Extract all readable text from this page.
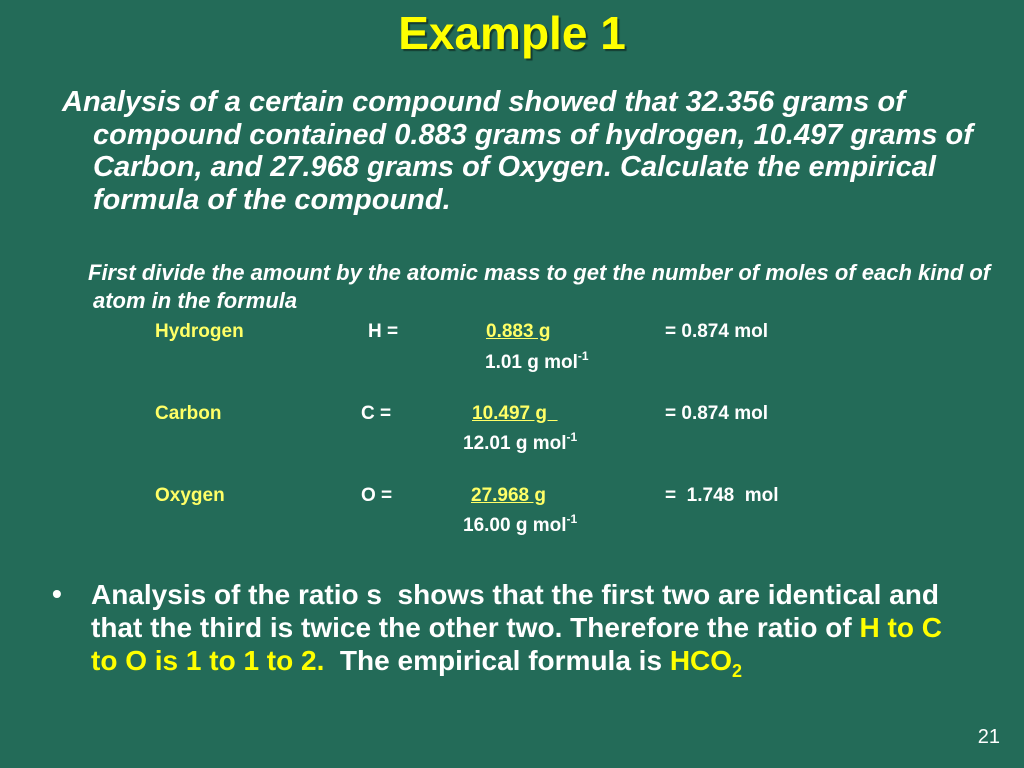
Example 1
Analysis of a certain compound showed that 32.356 grams of compound contained 0.883 grams of hydrogen, 10.497 grams of Carbon, and 27.968 grams of Oxygen. Calculate the empirical formula of the compound.
First divide the amount by the atomic mass to get the number of moles of each kind of atom in the formula
Hydrogen	H =	0.883 g	= 0.874 mol
1.01 g mol$^{-1}$
Carbon	C =	10.497 g	= 0.874 mol
12.01 g mol$^{-1}$
Oxygen	O =	27.968 g	=  1.748  mol
16.00 g mol$^{-1}$
• Analysis of the ratio s  shows that the first two are identical and that the third is twice the other two. Therefore the ratio of H to C to O is 1 to 1 to 2.  The empirical formula is $HCO_2$
21
